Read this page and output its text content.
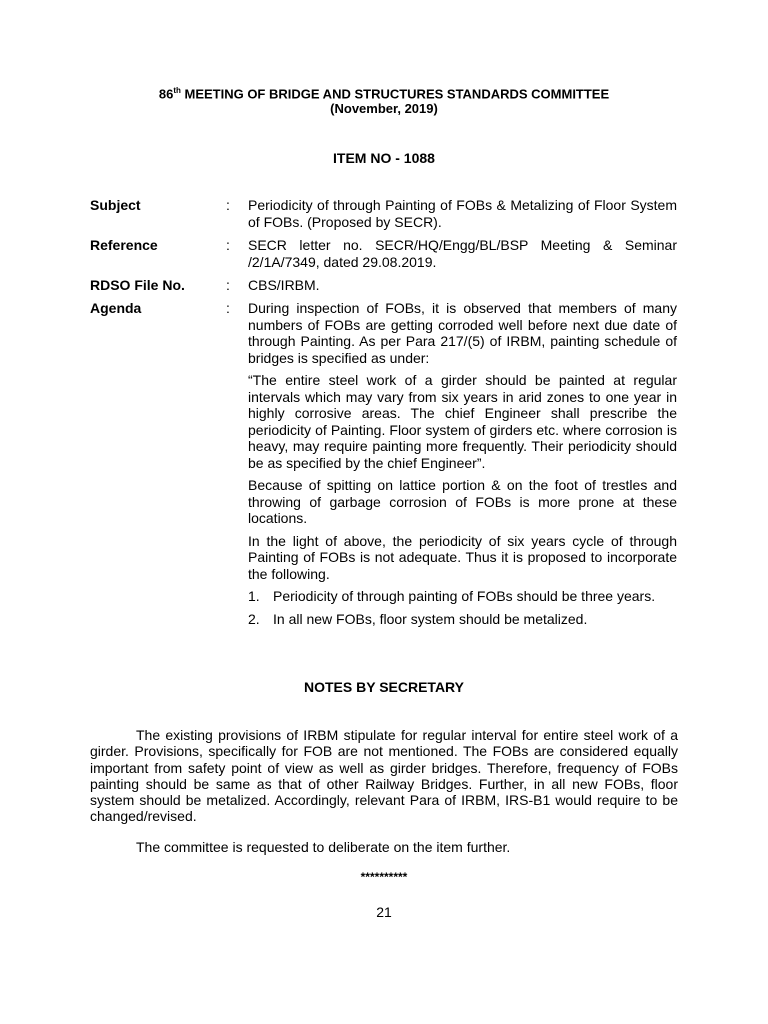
86th MEETING OF BRIDGE AND STRUCTURES STANDARDS COMMITTEE
(November, 2019)
ITEM NO - 1088
Subject	: Periodicity of through Painting of FOBs & Metalizing of Floor System of FOBs. (Proposed by SECR).
Reference	: SECR letter no. SECR/HQ/Engg/BL/BSP Meeting & Seminar /2/1A/7349, dated 29.08.2019.
RDSO File No.	: CBS/IRBM.
Agenda	: During inspection of FOBs, it is observed that members of many numbers of FOBs are getting corroded well before next due date of through Painting. As per Para 217/(5) of IRBM, painting schedule of bridges is specified as under:

“The entire steel work of a girder should be painted at regular intervals which may vary from six years in arid zones to one year in highly corrosive areas. The chief Engineer shall prescribe the periodicity of Painting. Floor system of girders etc. where corrosion is heavy, may require painting more frequently. Their periodicity should be as specified by the chief Engineer”.

Because of spitting on lattice portion & on the foot of trestles and throwing of garbage corrosion of FOBs is more prone at these locations.

In the light of above, the periodicity of six years cycle of through Painting of FOBs is not adequate. Thus it is proposed to incorporate the following.

1. Periodicity of through painting of FOBs should be three years.
2. In all new FOBs, floor system should be metalized.
NOTES BY SECRETARY
The existing provisions of IRBM stipulate for regular interval for entire steel work of a girder. Provisions, specifically for FOB are not mentioned. The FOBs are considered equally important from safety point of view as well as girder bridges. Therefore, frequency of FOBs painting should be same as that of other Railway Bridges. Further, in all new FOBs, floor system should be metalized. Accordingly, relevant Para of IRBM, IRS-B1 would require to be changed/revised.
The committee is requested to deliberate on the item further.
**********
21
